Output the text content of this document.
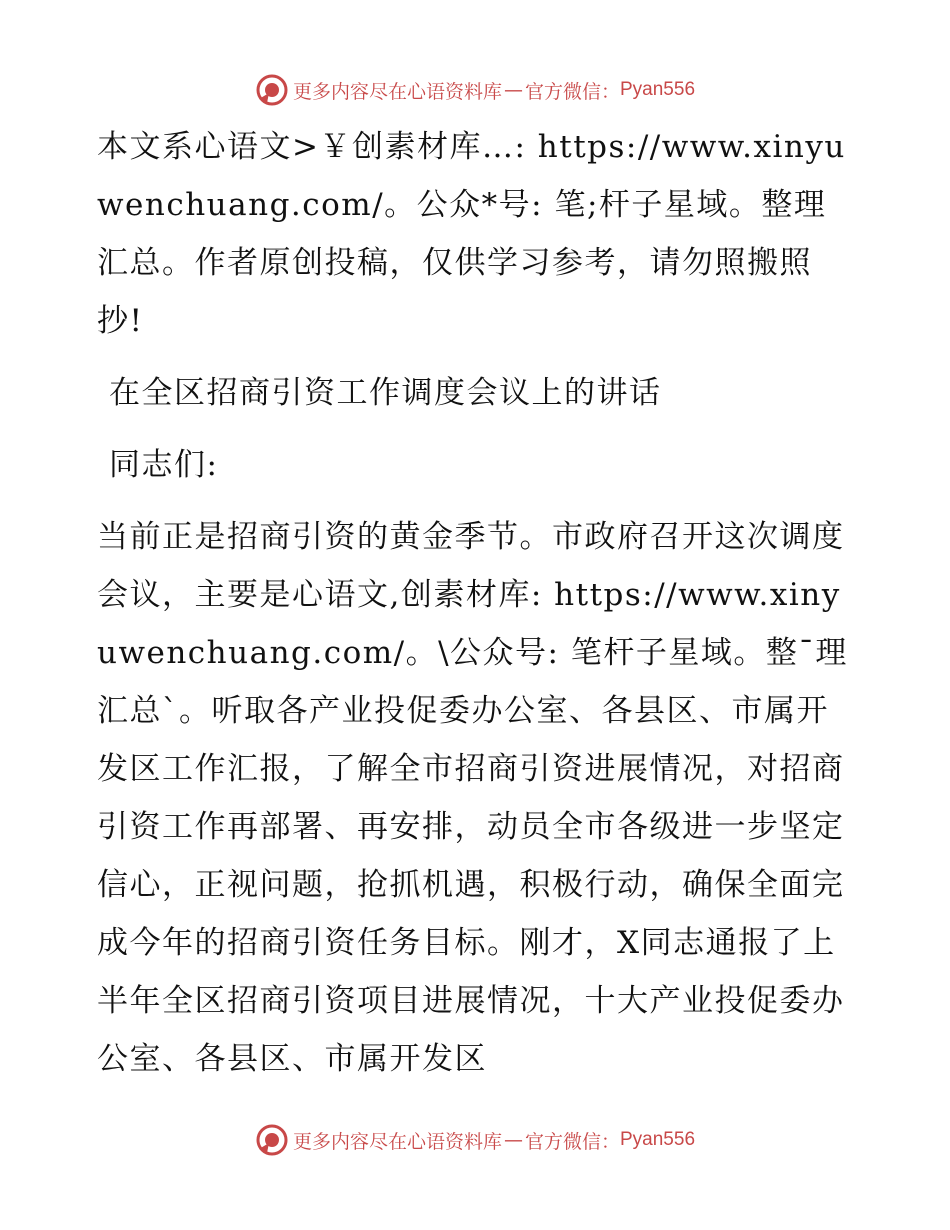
更多内容尽在心语资料库 — 官方微信： Pyan556

本文系心语文>￥创素材库…: https://www.xinyuwenchuang.com/。公众*号: 笔;杆子星域。整理汇总。作者原创投稿，仅供学习参考，请勿照搬照抄!

在全区招商引资工作调度会议上的讲话

同志们:

当前正是招商引资的黄金季节。市政府召开这次调度会议，主要是心语文,创素材库: https://www.xinyuwenchuang.com/。\公众号: 笔杆子星域。整¯理汇总`。听取各产业投促委办公室、各县区、市属开发区工作汇报，了解全市招商引资进展情况，对招商引资工作再部署、再安排，动员全市各级进一步坚定信心，正视问题，抢抓机遇，积极行动，确保全面完成今年的招商引资任务目标。刚才，X同志通报了上半年全区招商引资项目进展情况，十大产业投促委办公室、各县区、市属开发区

更多内容尽在心语资料库 — 官方微信： Pyan556
